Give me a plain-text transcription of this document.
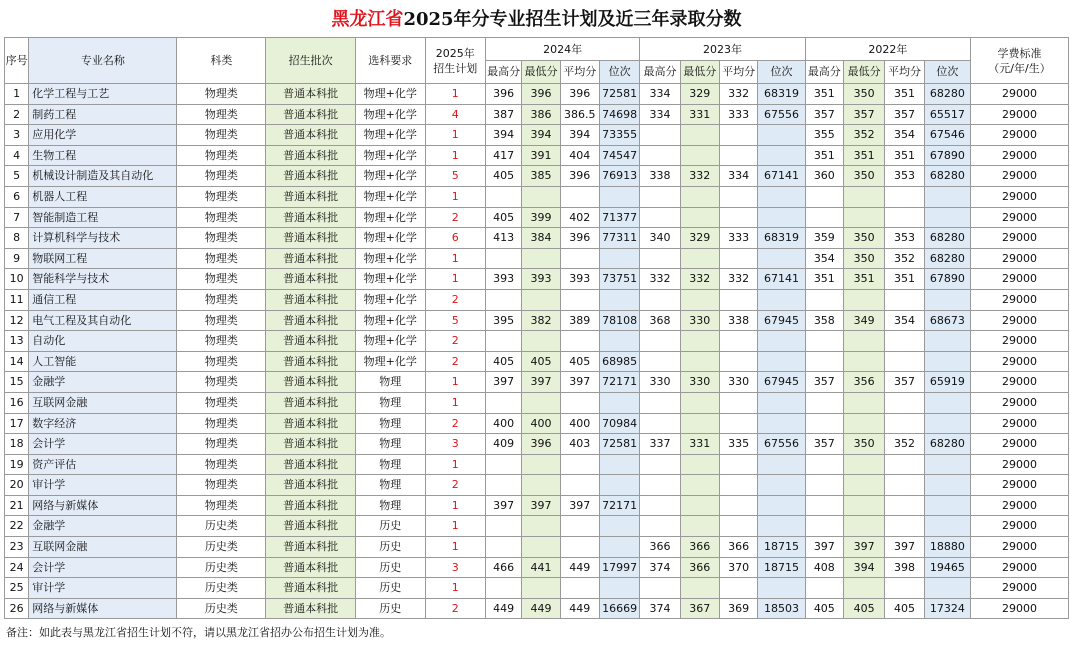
黑龙江省2025年分专业招生计划及近三年录取分数
序号	专业名称	科类	招生批次	选科要求	2025年
招生计划	2024年				2023年				2022年				学费标准
（元/年/生）
						最高分	最低分	平均分	位次	最高分	最低分	平均分	位次	最高分	最低分	平均分	位次	
1	化学工程与工艺	物理类	普通本科批	物理+化学	1	396	396	396	72581	334	329	332	68319	351	350	351	68280	29000
2	制药工程	物理类	普通本科批	物理+化学	4	387	386	386.5	74698	334	331	333	67556	357	357	357	65517	29000
3	应用化学	物理类	普通本科批	物理+化学	1	394	394	394	73355					355	352	354	67546	29000
4	生物工程	物理类	普通本科批	物理+化学	1	417	391	404	74547					351	351	351	67890	29000
5	机械设计制造及其自动化	物理类	普通本科批	物理+化学	5	405	385	396	76913	338	332	334	67141	360	350	353	68280	29000
6	机器人工程	物理类	普通本科批	物理+化学	1													29000
7	智能制造工程	物理类	普通本科批	物理+化学	2	405	399	402	71377									29000
8	计算机科学与技术	物理类	普通本科批	物理+化学	6	413	384	396	77311	340	329	333	68319	359	350	353	68280	29000
9	物联网工程	物理类	普通本科批	物理+化学	1									354	350	352	68280	29000
10	智能科学与技术	物理类	普通本科批	物理+化学	1	393	393	393	73751	332	332	332	67141	351	351	351	67890	29000
11	通信工程	物理类	普通本科批	物理+化学	2													29000
12	电气工程及其自动化	物理类	普通本科批	物理+化学	5	395	382	389	78108	368	330	338	67945	358	349	354	68673	29000
13	自动化	物理类	普通本科批	物理+化学	2													29000
14	人工智能	物理类	普通本科批	物理+化学	2	405	405	405	68985									29000
15	金融学	物理类	普通本科批	物理	1	397	397	397	72171	330	330	330	67945	357	356	357	65919	29000
16	互联网金融	物理类	普通本科批	物理	1													29000
17	数字经济	物理类	普通本科批	物理	2	400	400	400	70984									29000
18	会计学	物理类	普通本科批	物理	3	409	396	403	72581	337	331	335	67556	357	350	352	68280	29000
19	资产评估	物理类	普通本科批	物理	1													29000
20	审计学	物理类	普通本科批	物理	2													29000
21	网络与新媒体	物理类	普通本科批	物理	1	397	397	397	72171									29000
22	金融学	历史类	普通本科批	历史	1													29000
23	互联网金融	历史类	普通本科批	历史	1					366	366	366	18715	397	397	397	18880	29000
24	会计学	历史类	普通本科批	历史	3	466	441	449	17997	374	366	370	18715	408	394	398	19465	29000
25	审计学	历史类	普通本科批	历史	1													29000
26	网络与新媒体	历史类	普通本科批	历史	2	449	449	449	16669	374	367	369	18503	405	405	405	17324	29000
备注：如此表与黑龙江省招生计划不符，请以黑龙江省招办公布招生计划为准。
